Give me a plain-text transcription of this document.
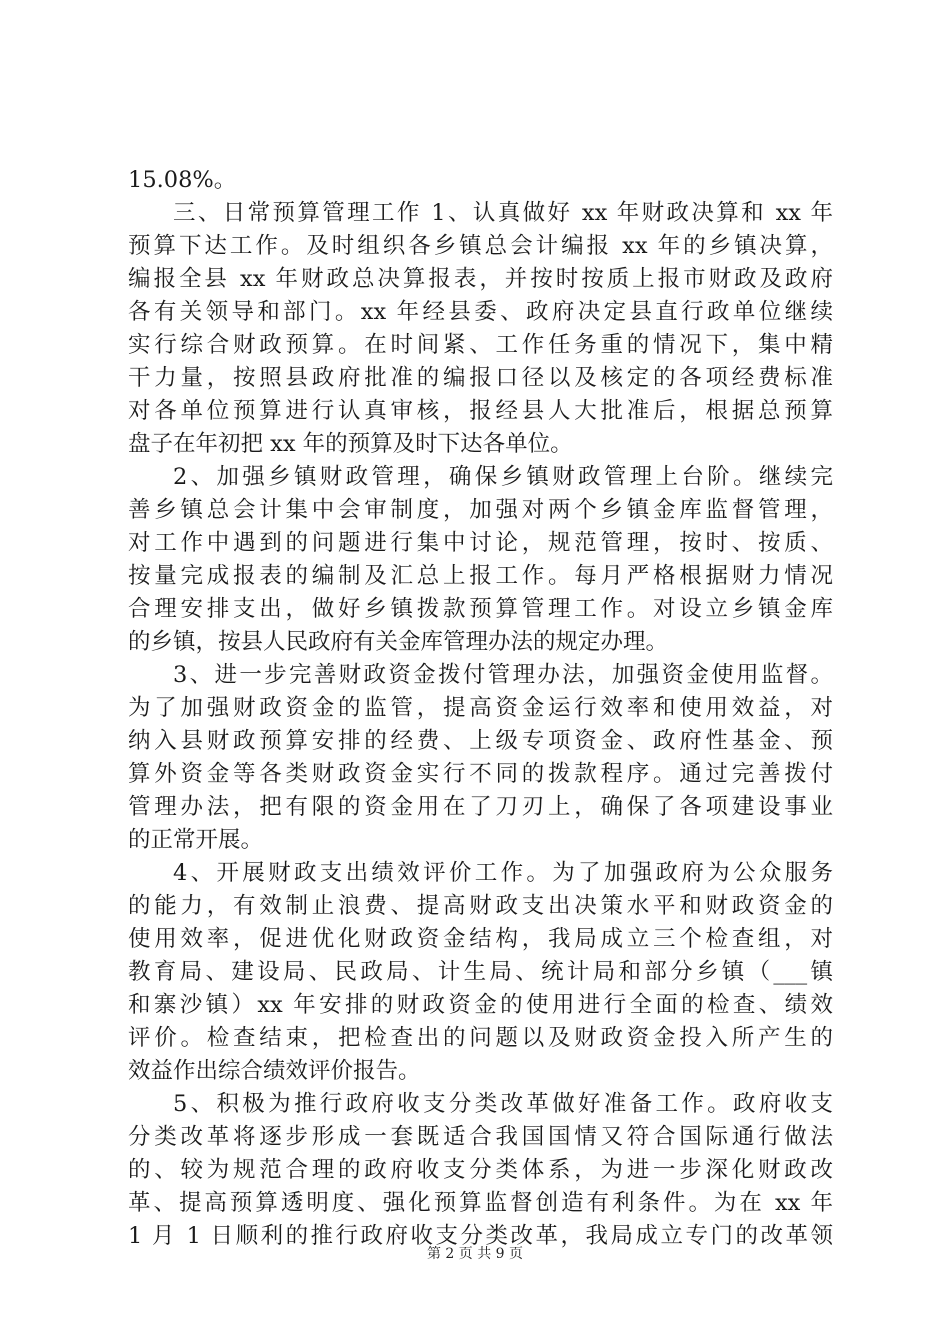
15.08%。
三、日常预算管理工作 1、认真做好 xx 年财政决算和 xx 年
预算下达工作。及时组织各乡镇总会计编报 xx 年的乡镇决算，
编报全县 xx 年财政总决算报表，并按时按质上报市财政及政府
各有关领导和部门。xx 年经县委、政府决定县直行政单位继续
实行综合财政预算。在时间紧、工作任务重的情况下，集中精
干力量，按照县政府批准的编报口径以及核定的各项经费标准
对各单位预算进行认真审核，报经县人大批准后，根据总预算
盘子在年初把 xx 年的预算及时下达各单位。
2、加强乡镇财政管理，确保乡镇财政管理上台阶。继续完
善乡镇总会计集中会审制度，加强对两个乡镇金库监督管理，
对工作中遇到的问题进行集中讨论，规范管理，按时、按质、
按量完成报表的编制及汇总上报工作。每月严格根据财力情况
合理安排支出，做好乡镇拨款预算管理工作。对设立乡镇金库
的乡镇，按县人民政府有关金库管理办法的规定办理。
3、进一步完善财政资金拨付管理办法，加强资金使用监督。
为了加强财政资金的监管，提高资金运行效率和使用效益，对
纳入县财政预算安排的经费、上级专项资金、政府性基金、预
算外资金等各类财政资金实行不同的拨款程序。通过完善拨付
管理办法，把有限的资金用在了刀刃上，确保了各项建设事业
的正常开展。
4、开展财政支出绩效评价工作。为了加强政府为公众服务
的能力，有效制止浪费、提高财政支出决策水平和财政资金的
使用效率，促进优化财政资金结构，我局成立三个检查组，对
教育局、建设局、民政局、计生局、统计局和部分乡镇（___镇
和寨沙镇）xx 年安排的财政资金的使用进行全面的检查、绩效
评价。检查结束，把检查出的问题以及财政资金投入所产生的
效益作出综合绩效评价报告。
5、积极为推行政府收支分类改革做好准备工作。政府收支
分类改革将逐步形成一套既适合我国国情又符合国际通行做法
的、较为规范合理的政府收支分类体系，为进一步深化财政改
革、提高预算透明度、强化预算监督创造有利条件。为在 xx 年
1 月 1 日顺利的推行政府收支分类改革，我局成立专门的改革领
第 2 页 共 9 页
